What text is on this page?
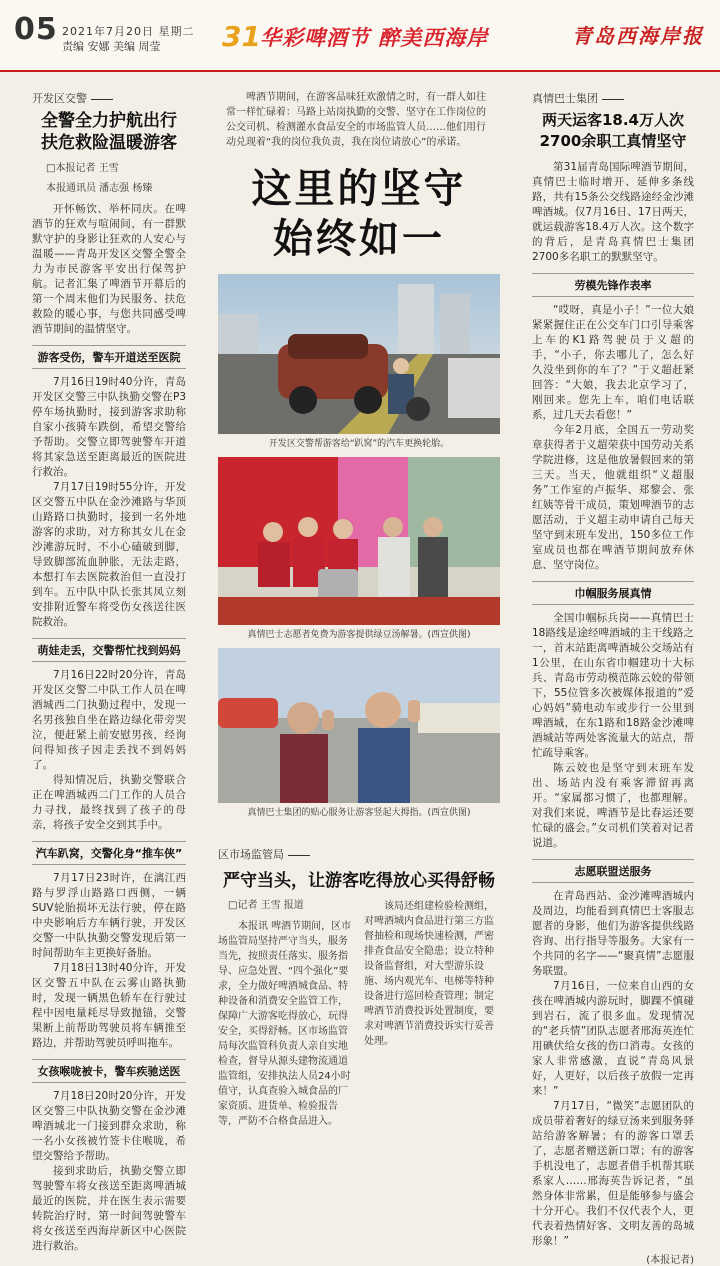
05 2021年7月20日 星期二
责编 安娜 美编 周莹	31 华彩啤酒节 醉美西海岸	青岛西海岸报
开发区交警
全警全力护航出行 扶危救险温暖游客
□本报记者 王雪
本报通讯员 潘志强 杨臻

开怀畅饮、举杯同庆。在啤酒节的狂欢与喧闹间，有一群默默守护的身影让狂欢的人安心与温暖——青岛开发区交警全警全力为市民游客平安出行保驾护航。记者汇集了啤酒节开幕后的第一个周末他们为民服务、扶危救险的暖心事，与您共同感受啤酒节期间的温情坚守。

游客受伤，警车开道送至医院

7月16日19时40分许，青岛开发区交警三中队执勤交警在P3停车场执勤时，接到游客求助称自家小孩骑车跌倒，希望交警给予帮助。交警立即驾驶警车开道将其家急送至距离最近的医院进行救治。

7月17日19时55分许，开发区交警五中队在金沙滩路与华顶山路路口执勤时，接到一名外地游客的求助，对方称其女儿在金沙滩游玩时，不小心磕破到脚，导致脚部流血肿胀，无法走路，本想打车去医院救治但一直没打到车。五中队中队长张其凤立刻安排附近警车将受伤女孩送往医院救治。

萌娃走丢，交警帮忙找到妈妈

7月16日22时20分许，青岛开发区交警二中队工作人员在啤酒城西二门执勤过程中，发现一名男孩独自坐在路边绿化带旁哭泣，便赶紧上前安慰男孩，经询问得知孩子因走丢找不到妈妈了。

得知情况后，执勤交警联合正在啤酒城西二门工作的人员合力寻找，最终找到了孩子的母亲，将孩子安全交到其手中。

汽车趴窝，交警化身“推车侠”

7月17日23时许，在漓江西路与罗浮山路路口西侧，一辆SUV轮胎损坏无法行驶，停在路中央影响后方车辆行驶，开发区交警一中队执勤交警发现后第一时间帮助车主更换好备胎。

7月18日13时40分许，开发区交警五中队在云雾山路执勤时，发现一辆黑色轿车在行驶过程中因电量耗尽导致抛锚，交警果断上前帮助驾驶员将车辆推至路边，并帮助驾驶员呼叫拖车。

女孩喉咙被卡，警车疾驰送医

7月18日20时20分许，开发区交警三中队执勤交警在金沙滩啤酒城北一门接到群众求助，称一名小女孩被竹签卡住喉咙，希望交警给予帮助。

接到求助后，执勤交警立即驾驶警车将女孩送至距离啤酒城最近的医院，并在医生表示需要转院治疗时，第一时间驾驶警车将女孩送至西海岸新区中心医院进行救治。

啤酒节期间，在游客品味狂欢激情之时，有一群人如往常一样忙碌着：马路上站岗执勤的交警、坚守在工作岗位的公交司机、检测灌水食品安全的市场监管人员……他们用行动兑现着“我的岗位我负责，我在岗位请放心”的承诺。

这里的坚守
始终如一
开发区交警帮游客给“趴窝”的汽车更换轮胎。
真情巴士志愿者免费为游客提供绿豆汤解暑。(西宣供图)
真情巴士集团的贴心服务让游客竖起大拇指。(西宣供图)
区市场监管局
严守当头，让游客吃得放心买得舒畅
□记者 王雪 报道

本报讯 啤酒节期间，区市场监管局坚持严守当头，服务当先，按照责任落实、服务指导、应急处置、“四个强化”要求，全力做好啤酒城食品、特种设备和消费安全监管工作，保障广大游客吃得放心，玩得安全，买得舒畅。区市场监管局每次监管科负责人亲自实地检查，督导从源头建物流通道监管组，安排执法人员24小时值守，认真查验入城食品的厂家资质、进货单、检验报告等，严防不合格食品进入。

该局还组建检验检测组，对啤酒城内食品进行第三方监督抽检和现场快速检测，严密排查食品安全隐患；设立特种设备监督组，对大型游乐设施、场内观光车、电梯等特种设备进行巡回检查管理；制定啤酒节消费投诉处置制度，要求对啤酒节消费投诉实行妥善处理。

真情巴士集团
两天运客18.4万人次 2700余职工真情坚守

第31届青岛国际啤酒节期间，真情巴士临时增开、延伸多条线路，共有15条公交线路途经金沙滩啤酒城。仅7月16日、17日两天，就运载游客18.4万人次。这个数字的背后，是青岛真情巴士集团2700多名职工的默默坚守。

劳模先锋作表率

“哎呀，真是小子！”一位大娘紧紧握住正在公交车门口引导乘客上车的K1路驾驶员于义超的手，“小子，你去哪儿了，怎么好久没坐到你的车了？”于义超赶紧回答：“大娘，我去北京学习了，刚回来。您先上车，咱们电话联系，过几天去看您！”

今年2月底，全国五一劳动奖章获得者于义超荣获中国劳动关系学院进修，这是他放暑假回来的第三天。当天，他就组织“义超服务”工作室的卢振华、郑黎会、张红姨等骨干成员，策划啤酒节的志愿活动，于义超主动申请自己每天坚守到末班车发出，150多位工作室成员也都在啤酒节期间放弃休息、坚守岗位。

巾帼服务展真情

全国巾帼标兵岗——真情巴士18路线是途经啤酒城的主干线路之一，首末站距离啤酒城公交场站有1公里，在山东省巾帼建功十大标兵、青岛市劳动模范陈云姣的带领下，55位管多次被媒体报道的“爱心妈妈”骑电动车或步行一公里到啤酒城，在东1路和18路金沙滩啤酒城站等两处客流量大的站点，帮忙疏导乘客。

陈云姣也是坚守到末班车发出、场站内没有乘客滞留再离开。“家属都习惯了，也都理解。对我们来说，啤酒节是比春运还要忙碌的盛会。”女司机们笑着对记者说道。

志愿联盟送服务

在青岛西站、金沙滩啤酒城内及周边，均能看到真情巴士客服志愿者的身影，他们为游客提供线路咨询、出行指导等服务。大家有一个共同的名字——“聚真情”志愿服务联盟。

7月16日，一位来自山西的女孩在啤酒城内游玩时，脚踝不慎碰到岩石，流了很多血。发现情况的“老兵情”团队志愿者邢海英连忙用碘伏给女孩的伤口消毒。女孩的家人非常感激，直说“青岛风景好，人更好，以后孩子放假一定再来！”

7月17日，“微笑”志愿团队的成员带着奢好的绿豆汤来到服务驿站给游客解暑；有的游客口罩丢了，志愿者赠送新口罩；有的游客手机没电了，志愿者借手机帮其联系家人……邢海英告诉记者，“虽然身体非常累，但是能够参与盛会十分开心。我们不仅代表个人，更代表着热情好客、文明友善的岛城形象！”

(本报记者)
